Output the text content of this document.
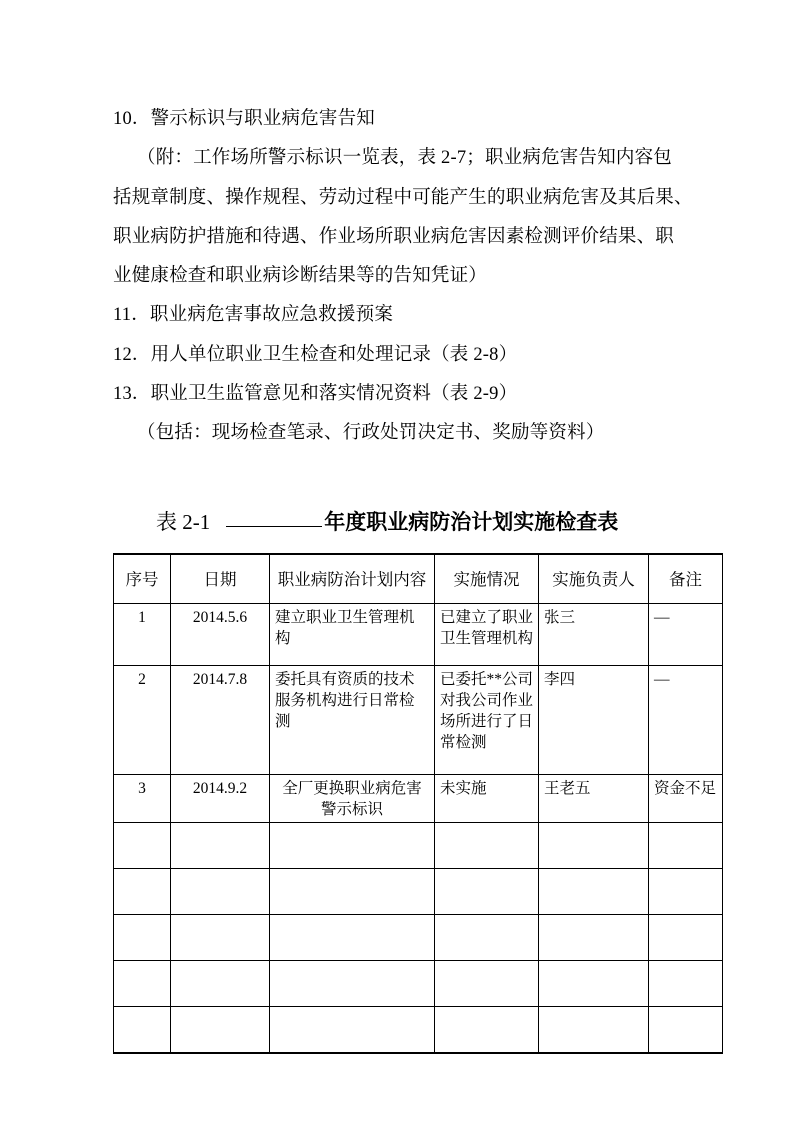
10．警示标识与职业病危害告知
（附：工作场所警示标识一览表，表 2-7；职业病危害告知内容包
括规章制度、操作规程、劳动过程中可能产生的职业病危害及其后果、
职业病防护措施和待遇、作业场所职业病危害因素检测评价结果、职
业健康检查和职业病诊断结果等的告知凭证）
11．职业病危害事故应急救援预案
12．用人单位职业卫生检查和处理记录（表 2-8）
13．职业卫生监管意见和落实情况资料（表 2-9）
（包括：现场检查笔录、行政处罚决定书、奖励等资料）
表 2-1	年度职业病防治计划实施检查表
序号	日期	职业病防治计划内容	实施情况	实施负责人	备注
1	2014.5.6	建立职业卫生管理机构	已建立了职业卫生管理机构	张三	—
2	2014.7.8	委托具有资质的技术服务机构进行日常检测	已委托**公司对我公司作业场所进行了日常检测	李四	—
3	2014.9.2	全厂更换职业病危害警示标识	未实施	王老五	资金不足
